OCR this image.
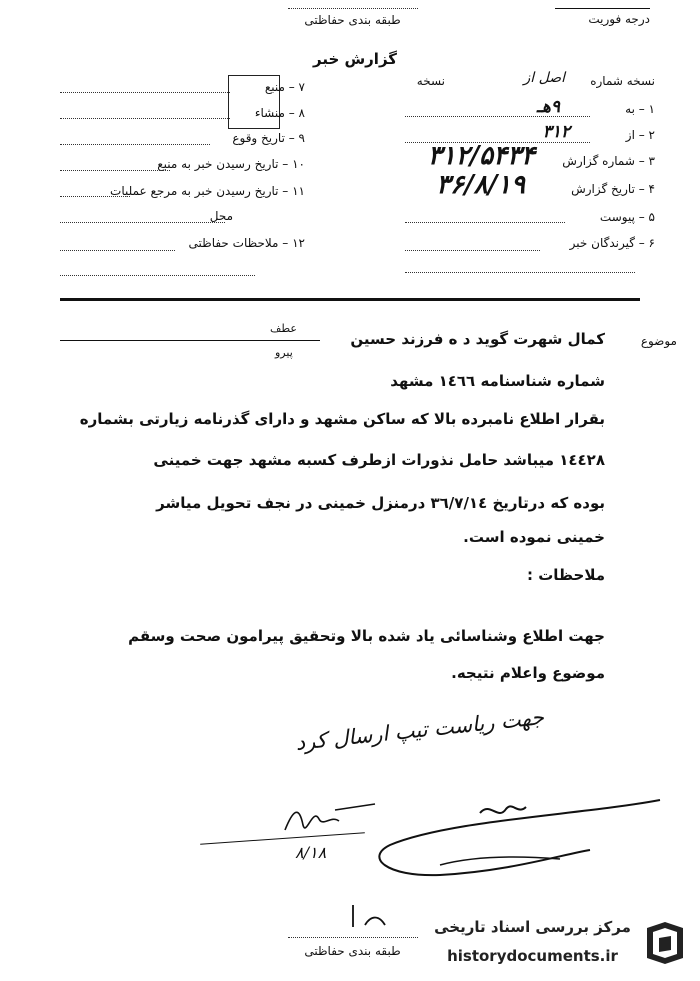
طبقه بندی حفاظتی	درجه فوریت
گزارش خبر
نسخه شماره
اصل از
نسخه
۱ – به
۹هـ
۲ – از
۳۱۲
۳ – شماره گزارش
۳۱۲/۵۴۳۴
۴ – تاریخ گزارش
۳۶/۸/۱۹
۵ – پیوست
۶ – گیرندگان خبر
۷ – منبع
۸ – منشاء
۹ – تاریخ وقوع
۱۰ – تاریخ رسیدن خبر به منبع
۱۱ – تاریخ رسیدن خبر به مرجع عملیات
محل
۱۲ – ملاحظات حفاظتی
موضوع
کمال شهرت گوید د ه فرزند حسین
عطف
پیرو
شماره شناسنامه ۱٤٦٦ مشهد
بقرار اطلاع نامبرده بالا که ساکن مشهد و دارای گذرنامه زیارتی بشماره
۱٤٤۲۸ میباشد حامل نذورات ازطرف کسبه مشهد جهت خمینی
بوده که درتاریخ ۳٦/۷/۱٤ درمنزل خمینی در نجف تحویل میاشر
خمینی نموده است.
ملاحظات :
جهت اطلاع وشناسائی یاد شده بالا وتحقیق پیرامون صحت وسقم
موضوع واعلام نتیجه.
جهت ریاست تیپ ارسال کرد
۸/۱۸
طبقه بندی حفاظتی
مرکز بررسی اسناد تاریخی
historydocuments.ir
